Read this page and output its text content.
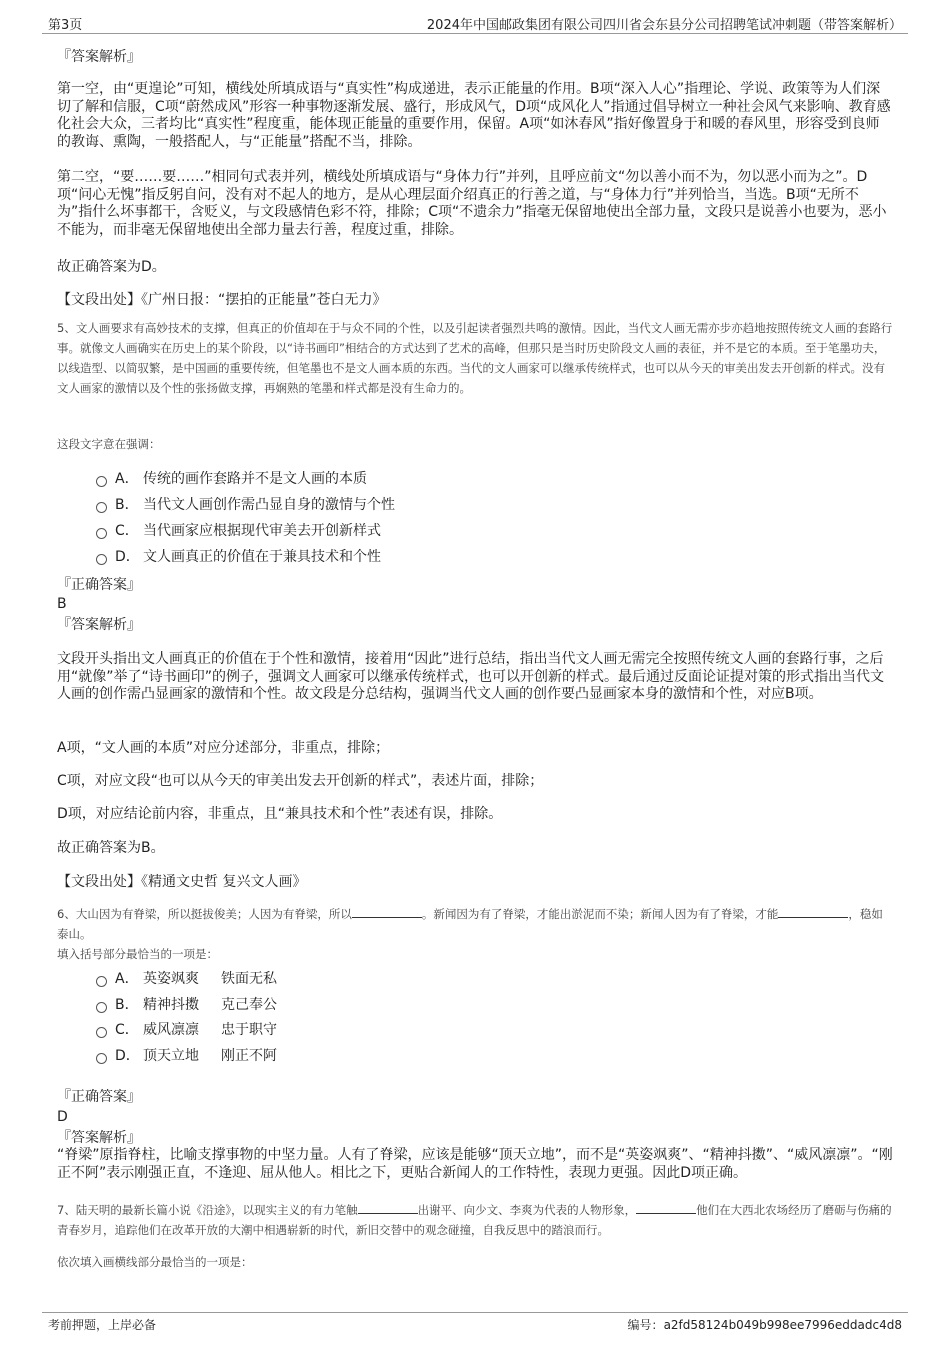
第3页	2024年中国邮政集团有限公司四川省会东县分公司招聘笔试冲刺题（带答案解析）
『答案解析』
第一空，由“更遑论”可知，横线处所填成语与“真实性”构成递进，表示正能量的作用。B项“深入人心”指理论、学说、政策等为人们深切了解和信服，C项“蔚然成风”形容一种事物逐渐发展、盛行，形成风气，D项“成风化人”指通过倡导树立一种社会风气来影响、教育感化社会大众，三者均比“真实性”程度重，能体现正能量的重要作用，保留。A项“如沐春风”指好像置身于和暖的春风里，形容受到良师的教诲、熏陶，一般搭配人，与“正能量”搭配不当，排除。
第二空，“要……要……”相同句式表并列，横线处所填成语与“身体力行”并列，且呼应前文“勿以善小而不为，勿以恶小而为之”。D项“问心无愧”指反躬自问，没有对不起人的地方，是从心理层面介绍真正的行善之道，与“身体力行”并列恰当，当选。B项“无所不为”指什么坏事都干，含贬义，与文段感情色彩不符，排除；C项“不遗余力”指毫无保留地使出全部力量，文段只是说善小也要为，恶小不能为，而非毫无保留地使出全部力量去行善，程度过重，排除。
故正确答案为D。
【文段出处】《广州日报：“摆拍的正能量”苍白无力》
5、文人画要求有高妙技术的支撑，但真正的价值却在于与众不同的个性，以及引起读者强烈共鸣的激情。因此，当代文人画无需亦步亦趋地按照传统文人画的套路行事。就像文人画确实在历史上的某个阶段，以“诗书画印”相结合的方式达到了艺术的高峰，但那只是当时历史阶段文人画的表征，并不是它的本质。至于笔墨功夫，以线造型、以简驭繁，是中国画的重要传统，但笔墨也不是文人画本质的东西。当代的文人画家可以继承传统样式，也可以从今天的审美出发去开创新的样式。没有文人画家的激情以及个性的张扬做支撑，再娴熟的笔墨和样式都是没有生命力的。
这段文字意在强调：
A． 传统的画作套路并不是文人画的本质
B． 当代文人画创作需凸显自身的激情与个性
C． 当代画家应根据现代审美去开创新样式
D． 文人画真正的价值在于兼具技术和个性
『正确答案』
B
『答案解析』
文段开头指出文人画真正的价值在于个性和激情，接着用“因此”进行总结，指出当代文人画无需完全按照传统文人画的套路行事，之后用“就像”举了“诗书画印”的例子，强调文人画家可以继承传统样式，也可以开创新的样式。最后通过反面论证提对策的形式指出当代文人画的创作需凸显画家的激情和个性。故文段是分总结构，强调当代文人画的创作要凸显画家本身的激情和个性，对应B项。
A项，“文人画的本质”对应分述部分，非重点，排除；
C项，对应文段“也可以从今天的审美出发去开创新的样式”，表述片面，排除；
D项，对应结论前内容，非重点，且“兼具技术和个性”表述有误，排除。
故正确答案为B。
【文段出处】《精通文史哲 复兴文人画》
6、大山因为有脊梁，所以挺拔俊美；人因为有脊梁，所以	。新闻因为有了脊梁，才能出淤泥而不染；新闻人因为有了脊梁，才能	，稳如泰山。
填入括号部分最恰当的一项是：
A． 英姿飒爽 铁面无私
B． 精神抖擞 克己奉公
C． 威风凛凛 忠于职守
D． 顶天立地 刚正不阿
『正确答案』
D
『答案解析』
“脊梁”原指脊柱，比喻支撑事物的中坚力量。人有了脊梁，应该是能够“顶天立地”，而不是“英姿飒爽”、“精神抖擞”、“威风凛凛”。“刚正不阿”表示刚强正直，不逢迎、屈从他人。相比之下，更贴合新闻人的工作特性，表现力更强。因此D项正确。
7、陆天明的最新长篇小说《沿途》，以现实主义的有力笔触	出谢平、向少文、李爽为代表的人物形象，	他们在大西北农场经历了磨砺与伤痛的青春岁月，追踪他们在改革开放的大潮中相遇崭新的时代，新旧交替中的观念碰撞，自我反思中的踏浪而行。
依次填入画横线部分最恰当的一项是：
考前押题，上岸必备	编号：a2fd58124b049b998ee7996eddadc4d8
